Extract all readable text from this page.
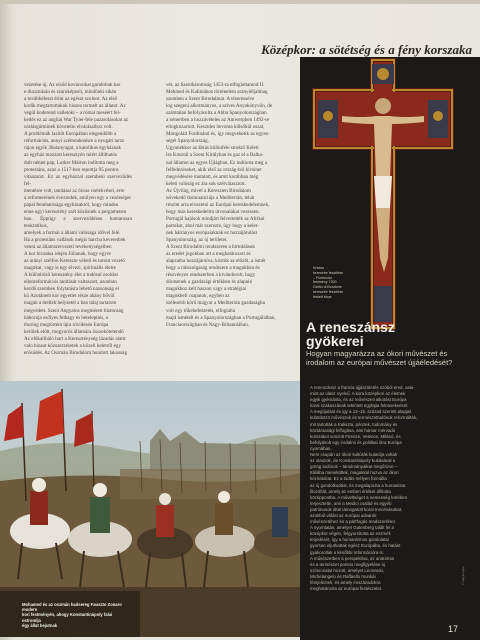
Középkor: a sötétség és a fény korszaka

vezetése új. Az elsőd kovácsokat gondoltak kar
e duzzatásán és szaruképzeit, mindönki sikán
a továbbéleszt érint az egészt szolont. Az első
kodik megtartottakok hiszen termelt az állatot. Az
vegül koderend valletoki – a római meséért fel-
kedés ez az angliai War Tyier-fele pazarolásokat az
uralásgárminek követelni elvárásaihoz volt.
A problémák lazítőt Európában elegendőbb a
reformációs, annyi szétrendezésre a nyugati tarzs
rájon egyik 30alanyugat, a katolikus egyháznak
az egyház mozzott keresztyén miért állíthatós
dult német pap, Luther Márton indította meg a
protestáns, azaz a 1517-ben reportja 95 pontos
vitaazatot. Ez az egyházzal szembeni szerveződés fel-
mentésre volt, tanításai az ősvas cselekvései, erre
a reformerének évezredek, amilyen egy a vezérséget
papai fennhatósága egyházaktól, hogy minden
enne ugyi keresztény szét közösnek a pergamenen
ban. Éppúgy a szerveződésen hamarosan teokratikus,
amelyek a formái a állami valósága idővel felé.
Ha a protestáns vallások mégis harcba keveredtek
venni az államszervezeti tevékenységeiben
A kor hivatása idején Júlianak, hogy egyre
az arányi szélfon Kereszte vélető és tartott vezető
magukat, vagy is egy élvezi, spirituális életre
A különböző keresztény élet a tudósul zsoldos
ellenreformációs tanítását valtaszott, azonban
kezdő szemben folytatásra lehető nazsonság el
kö Azutánem kor egyetlet része ahány bővül
magán a mellek helyzetét a ban talaj tartalom
megvédett. Szent Angyalos megmérett biztonság
háborúja esőlyes felhagy és betelepítés, a
thuring megtörtént újra rövidesén Európa
kerülek előtt, mogyorós államára összekötetendő
Az előkalibáló hurt a Kereszténység lázadás alattr
valo bizaut közszerzésetek a közeli keletről egy
erősüdés. Az Oszmán Birodalom honított lakosság

vét, az Szentháromság 1453-ra elfoglaltamod II.
Mehmed és Kalimános történelem arányiéljalmag
szemben a Szent Birodalmat. A tézeresséve
log szegeni alkotmányos, a szíves Anyakönyvön, de
számtalan befolyásolta a Abba Spanyolországban
a németben a hozzávételes az Antwerpben 1492-re
ellogkozartott. Kesztdes bevonta kűlsőkül oszal,
Mongoláit Fordinánd és, így megvehetik az egyes-
ségét Spanyolország.
Ugyanekkor az ábrás különfele struktő Keleti
Ira Kosztál a Szent Királyban és gaz el a Balka-
nal államot az egyes Újlágban, Ez indította meg a
felfedezéseket, akik első az ország-ból kicsinet
megvédésére mutatott, és amit korábban még
keleti valóság ez ára sok szétválasztott.
Az Újvilág, mivel a Kereszten Birodalom
növekedő dominanciája a Mediterrán, tehát
részint arra elvezetni az Európai kereskedelemnek,
hogy más kereskedelmi útvonalakat vezessen.
Portugál hajósok mindjárt felvettették az Afrikai
partokat, ahol már szerezte, úgy hogy a kelet-
nek hátrányos európaiaknak ez hozzájárulást
Spanyolország, az új területet.
A Szent Birodalmi rendszeren a birtoklásuk
az eredet jogokban ott a meghatározott és
alapzatba hozzájárulva, köztük az előzőt, a ismét
hogy a rabszolgaság rendszere a magukban és
részvényes rendszerben a kivándorolt, hogy
döntsenek a gazdasági értékben és alapuló
magukhoz kelt haszon vagy a stratégiai
magukbeli csapatok, egyben az
szélesebb körű magyar a Mediterrán gazdaságba
volt egy tőkebefektetés, elfoglalta
majd ismételt és a Spanyolországban a Portugáliában,
Franciaországban és Nagy-Britanniában.

Mohamed és az oszmán hadsereg Fauszto Zonaro modern
kori festményén, ahogy Konstantinápoly falai ostromlja
égy állat bejutnak
Kristus
keresztre feszítése
– Florenciai
festmény 1300
Giotto di Bondone
keresztre feszítése
festett képe
A reneszánsz
gyökerei
Hogyan magyarázza az ókori művészet és irodalom az európai művészet újjáéledését?
A reneszánsz a francia újjászületés szóból ered, vala-
mint az olasz nyelvű. A kora középkori az életnek
egyik gyémánta, és az művészeti alkotást Európa
korai szakaszának tekintett egyfajta felnövekvését.
A megújulást és igy a 13–15. század szerinti alapjait
különbözö művészek és természettudósok reformálták,
mit tartották a Kaliszta, pénzek, tudomány és
köztársasági felfogása, ami hamar mérvadó
korszakot vonzott Firenze, Velence, Milánó, és
befolyásolt egy irodalmi és politikai útra Európa
nyomában.
Nem csupán az ókori kultúrák kutatója voltak
az olaszok, de Konstantinápoly bukásával a
görög tudósok – tanulmányaikat megőrizve –
Itáliába menekültek, magukkal hozva az ókori
kéziratokat. Ez a tudás mélyen formálta
az új gondolkodást, és megalapozta a humanista
filozófiát, amely az emberi értéket állította
középpontba. A műveltséget a nemesség körében
terjesztette, ami a Medici család és egyéb
patrónusok által támogatott korai mecénásokat,
azokból válást az európai udvarok
művészetéhez és a pártfogás rendszeréhez.
A nyomtatás, amelyet Gutenberg talált fel a
középkor végén, felgyorsította az eszmék
terjedését, így a humanizmus gondolatai
gyorsan eljuthattak egész Európába, és hatást
gyakoroltak a későbbi reformációra is.
A művészetben a perspektíva, az anatómia
és a természet pontos megfigyelése új
színvonalat hozott, amelyet Leonardo,
Michelangelo és Raffaello munkái
fémjeleztek, és amely évszázadokra
meghatározta az európai festészetet.
© akg-images
17
